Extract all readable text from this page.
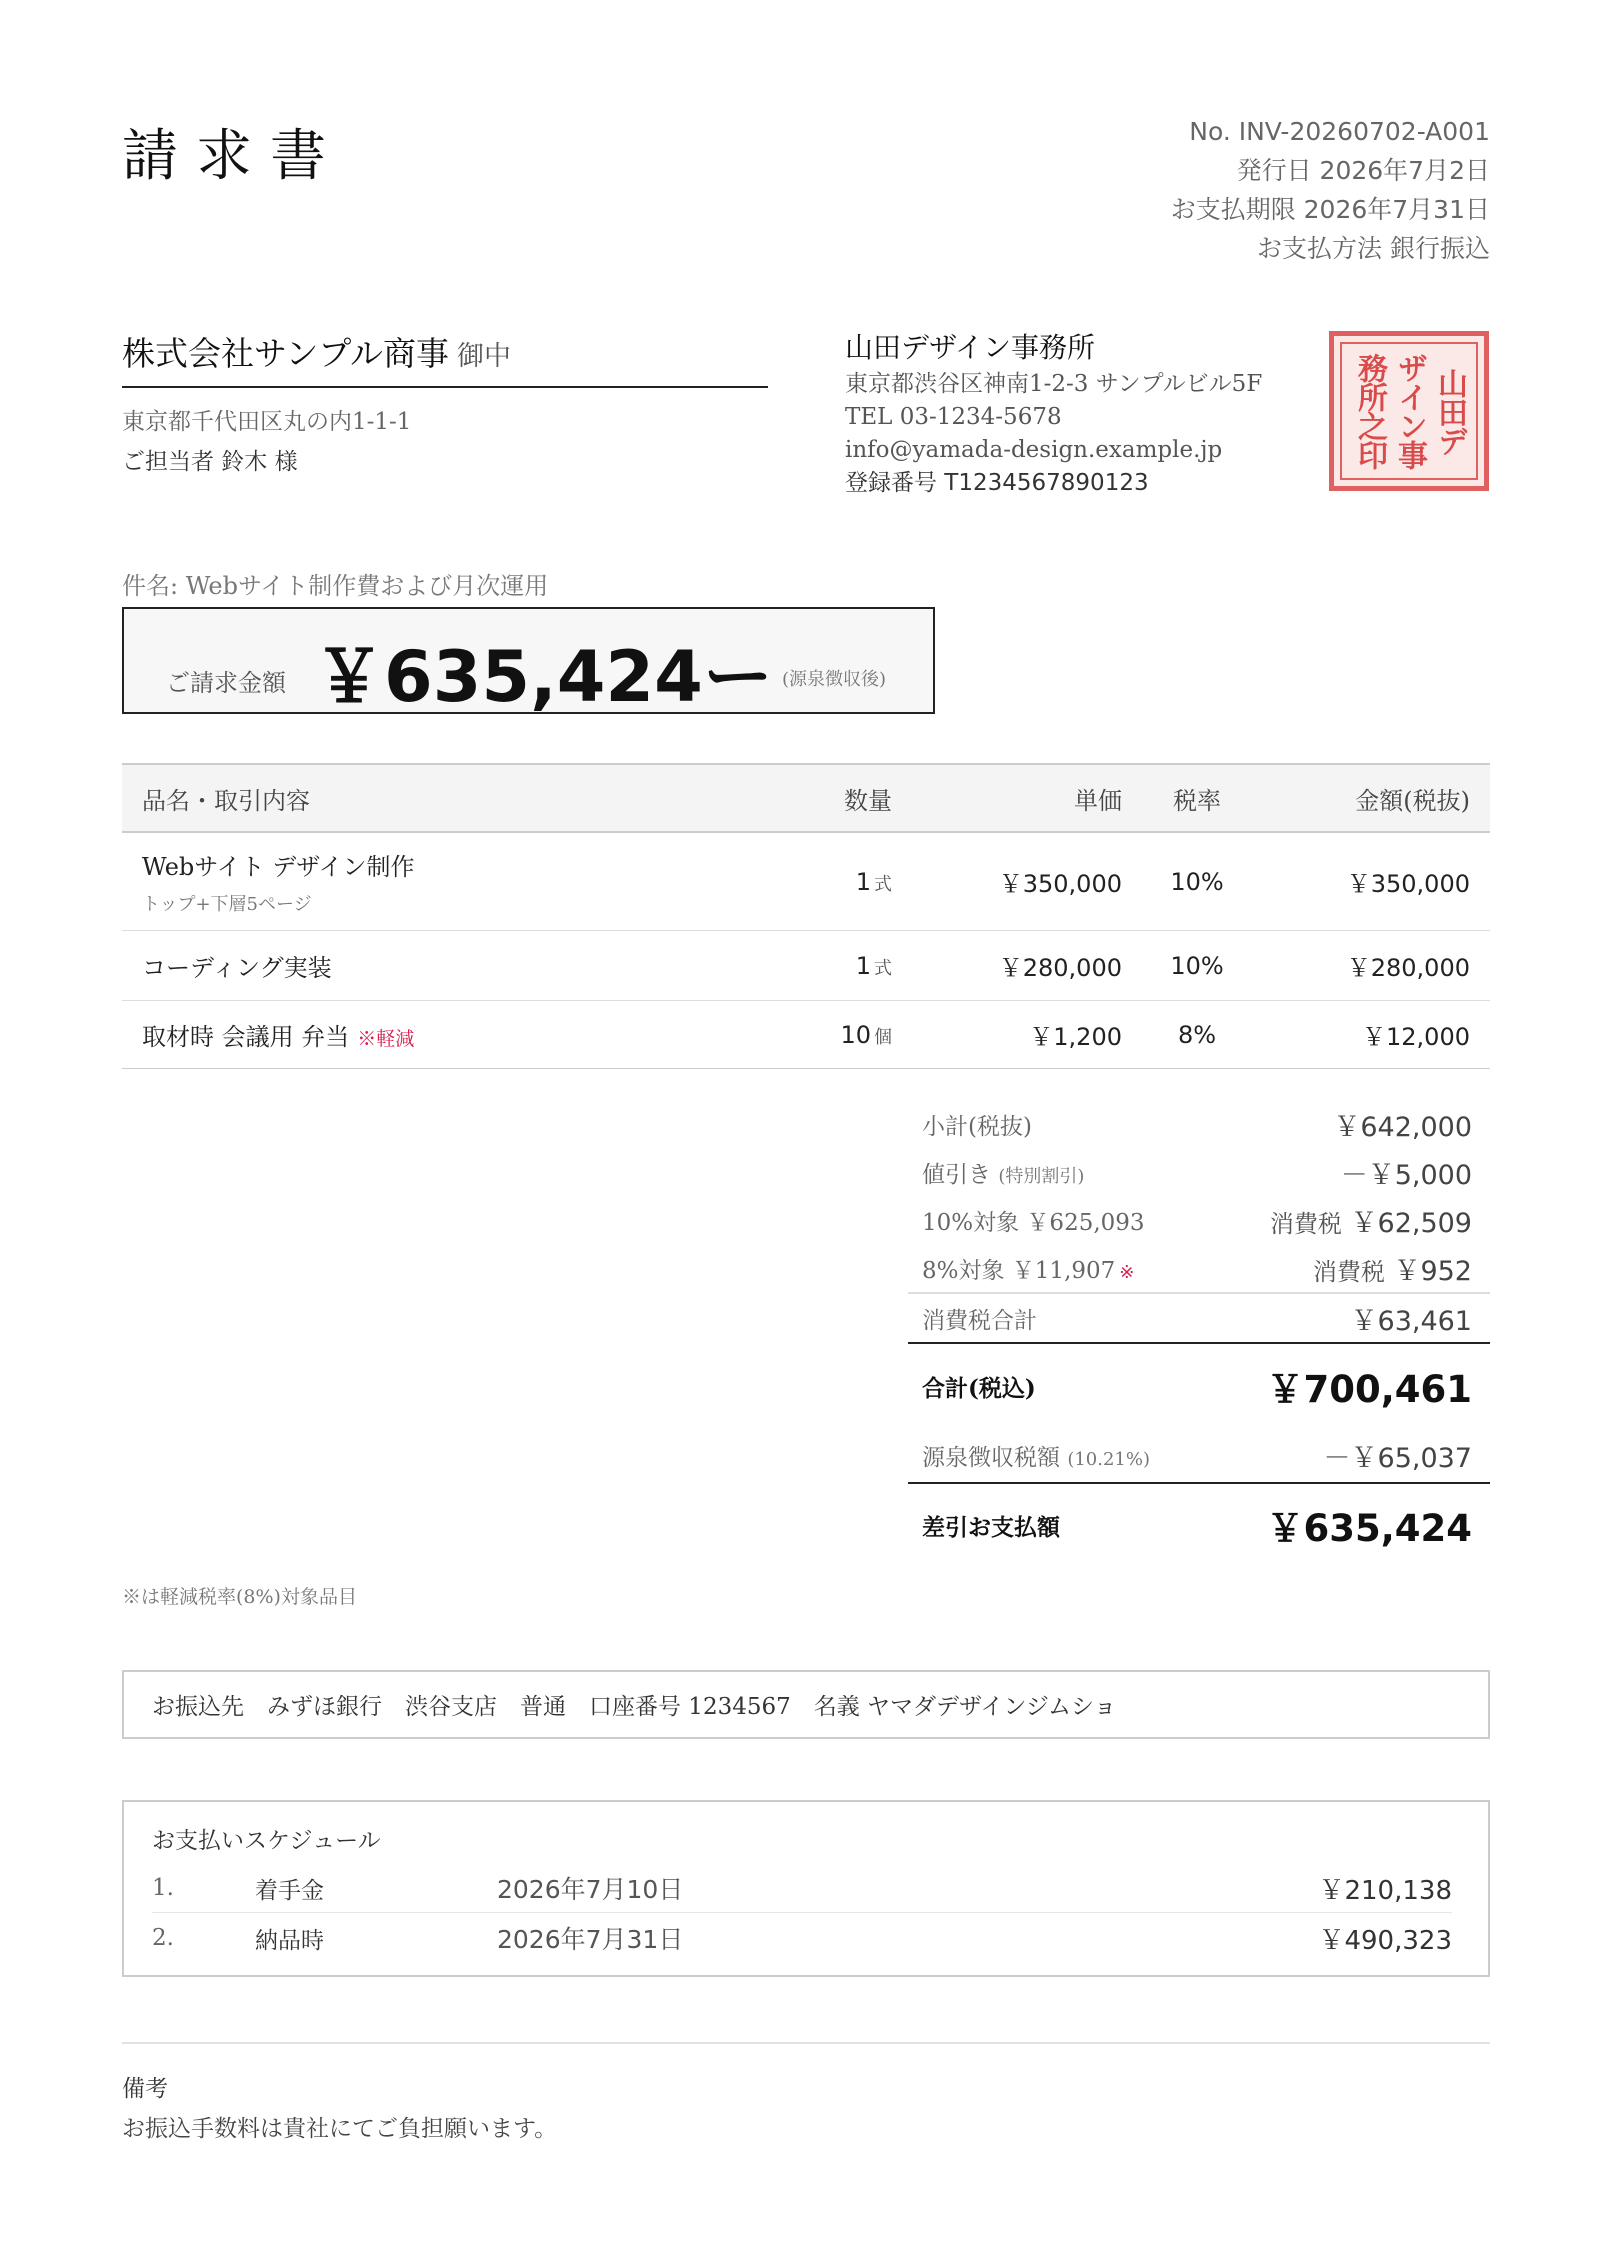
請求書	No. INV-20260702-A001
発行日 2026年7月2日
お支払期限 2026年7月31日
お支払方法 銀行振込
株式会社サンプル商事 御中
東京都千代田区丸の内1-1-1
ご担当者 鈴木 様
山田デザイン事務所
東京都渋谷区神南1-2-3 サンプルビル5F
TEL 03-1234-5678
info@yamada-design.example.jp
登録番号 T1234567890123
山田デ
ザイン事
務所之印
件名: Webサイト制作費および月次運用
ご請求金額 ￥635,424ー (源泉徴収後)
品名・取引内容	数量	単価	税率	金額(税抜)
Webサイト デザイン制作
トップ+下層5ページ	1 式	￥350,000	10%	￥350,000
コーディング実装	1 式	￥280,000	10%	￥280,000
取材時 会議用 弁当 ※軽減	10 個	￥1,200	8%	￥12,000
小計(税抜)	￥642,000
値引き (特別割引)	－￥5,000
10%対象 ￥625,093	消費税 ￥62,509
8%対象 ￥11,907 ※	消費税 ￥952
消費税合計	￥63,461
合計(税込)	￥700,461
源泉徴収税額 (10.21%)	－￥65,037
差引お支払額	￥635,424
※は軽減税率(8%)対象品目
お振込先　みずほ銀行　渋谷支店　普通　口座番号 1234567　名義 ヤマダデザインジムショ
お支払いスケジュール
1.	着手金	2026年7月10日	￥210,138
2.	納品時	2026年7月31日	￥490,323
備考
お振込手数料は貴社にてご負担願います。
